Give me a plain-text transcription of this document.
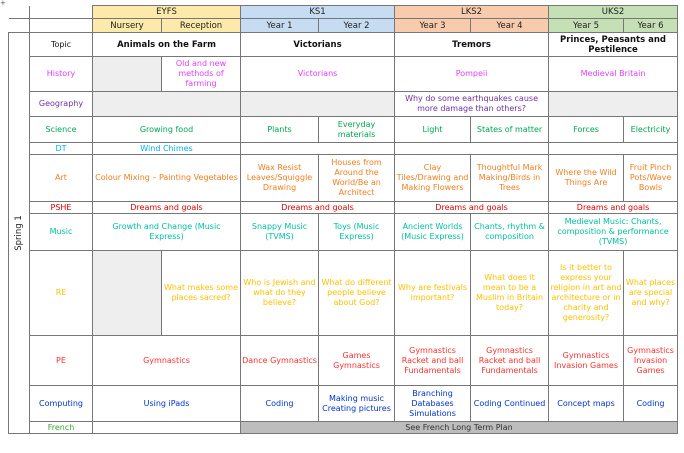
+
		EYFS		KS1		LKS2		UKS2	
		Nursery	Reception	Year 1	Year 2	Year 3	Year 4	Year 5	Year 6

Spring 1	Topic	Animals on the Farm		Victorians		Tremors		Princes, Peasants and Pestilence	
	History		Old and new methods of farming	Victorians		Pompeii		Medieval Britain	
	Geography					Why do some earthquakes cause more damage than others?			
	Science	Growing food		Plants	Everyday materials	Light	States of matter	Forces	Electricity
	DT	Wind Chimes							
	Art	Colour Mixing – Painting Vegetables		Wax Resist Leaves/Squiggle Drawing	Houses from Around the World/Be an Architect	Clay Tiles/Drawing and Making Flowers	Thoughtful Mark Making/Birds in Trees	Where the Wild Things Are	Fruit Pinch Pots/Wave Bowls
	PSHE	Dreams and goals		Dreams and goals		Dreams and goals		Dreams and goals	
	Music	Growth and Change (Music Express)		Snappy Music (TVMS)	Toys (Music Express)	Ancient Worlds (Music Express)	Chants, rhythm & composition	Medieval Music: Chants, composition & performance (TVMS)	
	RE		What makes some places sacred?	Who is Jewish and what do they believe?	What do different people believe about God?	Why are festivals important?	What does it mean to be a Muslim in Britain today?	Is it better to express your religion in art and architecture or in charity and generosity?	What places are special and why?
	PE	Gymnastics		Dance Gymnastics	Games Gymnastics	Gymnastics Racket and ball Fundamentals	Gymnastics Racket and ball Fundamentals	Gymnastics Invasion Games	Gymnastics Invasion Games
	Computing	Using iPads		Coding	Making music Creating pictures	Branching Databases Simulations	Coding Continued	Concept maps	Coding
	French			See French Long Term Plan					
